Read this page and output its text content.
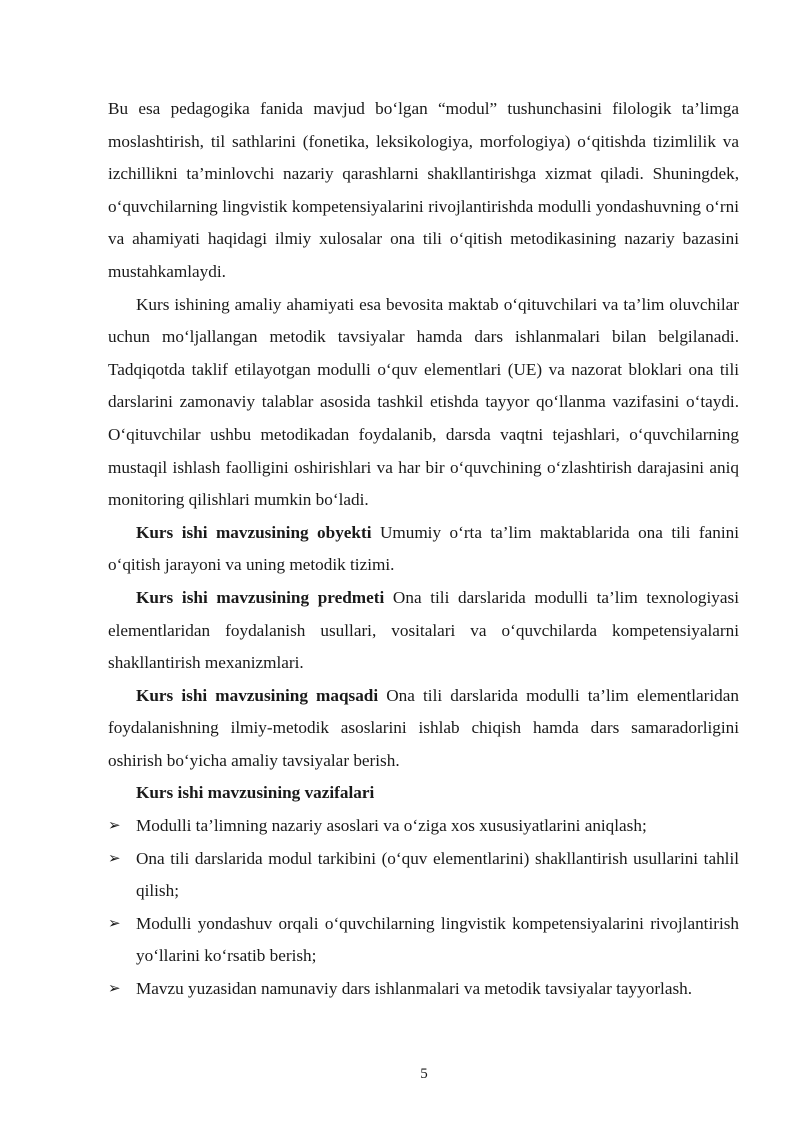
Bu esa pedagogika fanida mavjud bo‘lgan “modul” tushunchasini filologik ta’limga moslashtirish, til sathlarini (fonetika, leksikologiya, morfologiya) o‘qitishda tizimlilik va izchillikni ta’minlovchi nazariy qarashlarni shakllantirishga xizmat qiladi. Shuningdek, o‘quvchilarning lingvistik kompetensiyalarini rivojlantirishda modulli yondashuvning o‘rni va ahamiyati haqidagi ilmiy xulosalar ona tili o‘qitish metodikasining nazariy bazasini mustahkamlaydi.

Kurs ishining amaliy ahamiyati esa bevosita maktab o‘qituvchilari va ta’lim oluvchilar uchun mo‘ljallangan metodik tavsiyalar hamda dars ishlanmalari bilan belgilanadi. Tadqiqotda taklif etilayotgan modulli o‘quv elementlari (UE) va nazorat bloklari ona tili darslarini zamonaviy talablar asosida tashkil etishda tayyor qo‘llanma vazifasini o‘taydi. O‘qituvchilar ushbu metodikadan foydalanib, darsda vaqtni tejashlari, o‘quvchilarning mustaqil ishlash faolligini oshirishlari va har bir o‘quvchining o‘zlashtirish darajasini aniq monitoring qilishlari mumkin bo‘ladi.

Kurs ishi mavzusining obyekti Umumiy o‘rta ta’lim maktablarida ona tili fanini o‘qitish jarayoni va uning metodik tizimi.

Kurs ishi mavzusining predmeti Ona tili darslarida modulli ta’lim texnologiyasi elementlaridan foydalanish usullari, vositalari va o‘quvchilarda kompetensiyalarni shakllantirish mexanizmlari.

Kurs ishi mavzusining maqsadi Ona tili darslarida modulli ta’lim elementlaridan foydalanishning ilmiy-metodik asoslarini ishlab chiqish hamda dars samaradorligini oshirish bo‘yicha amaliy tavsiyalar berish.

Kurs ishi mavzusining vazifalari

➢ Modulli ta’limning nazariy asoslari va o‘ziga xos xususiyatlarini aniqlash;
➢ Ona tili darslarida modul tarkibini (o‘quv elementlarini) shakllantirish usullarini tahlil qilish;
➢ Modulli yondashuv orqali o‘quvchilarning lingvistik kompetensiyalarini rivojlantirish yo‘llarini ko‘rsatib berish;
➢ Mavzu yuzasidan namunaviy dars ishlanmalari va metodik tavsiyalar tayyorlash.
5
